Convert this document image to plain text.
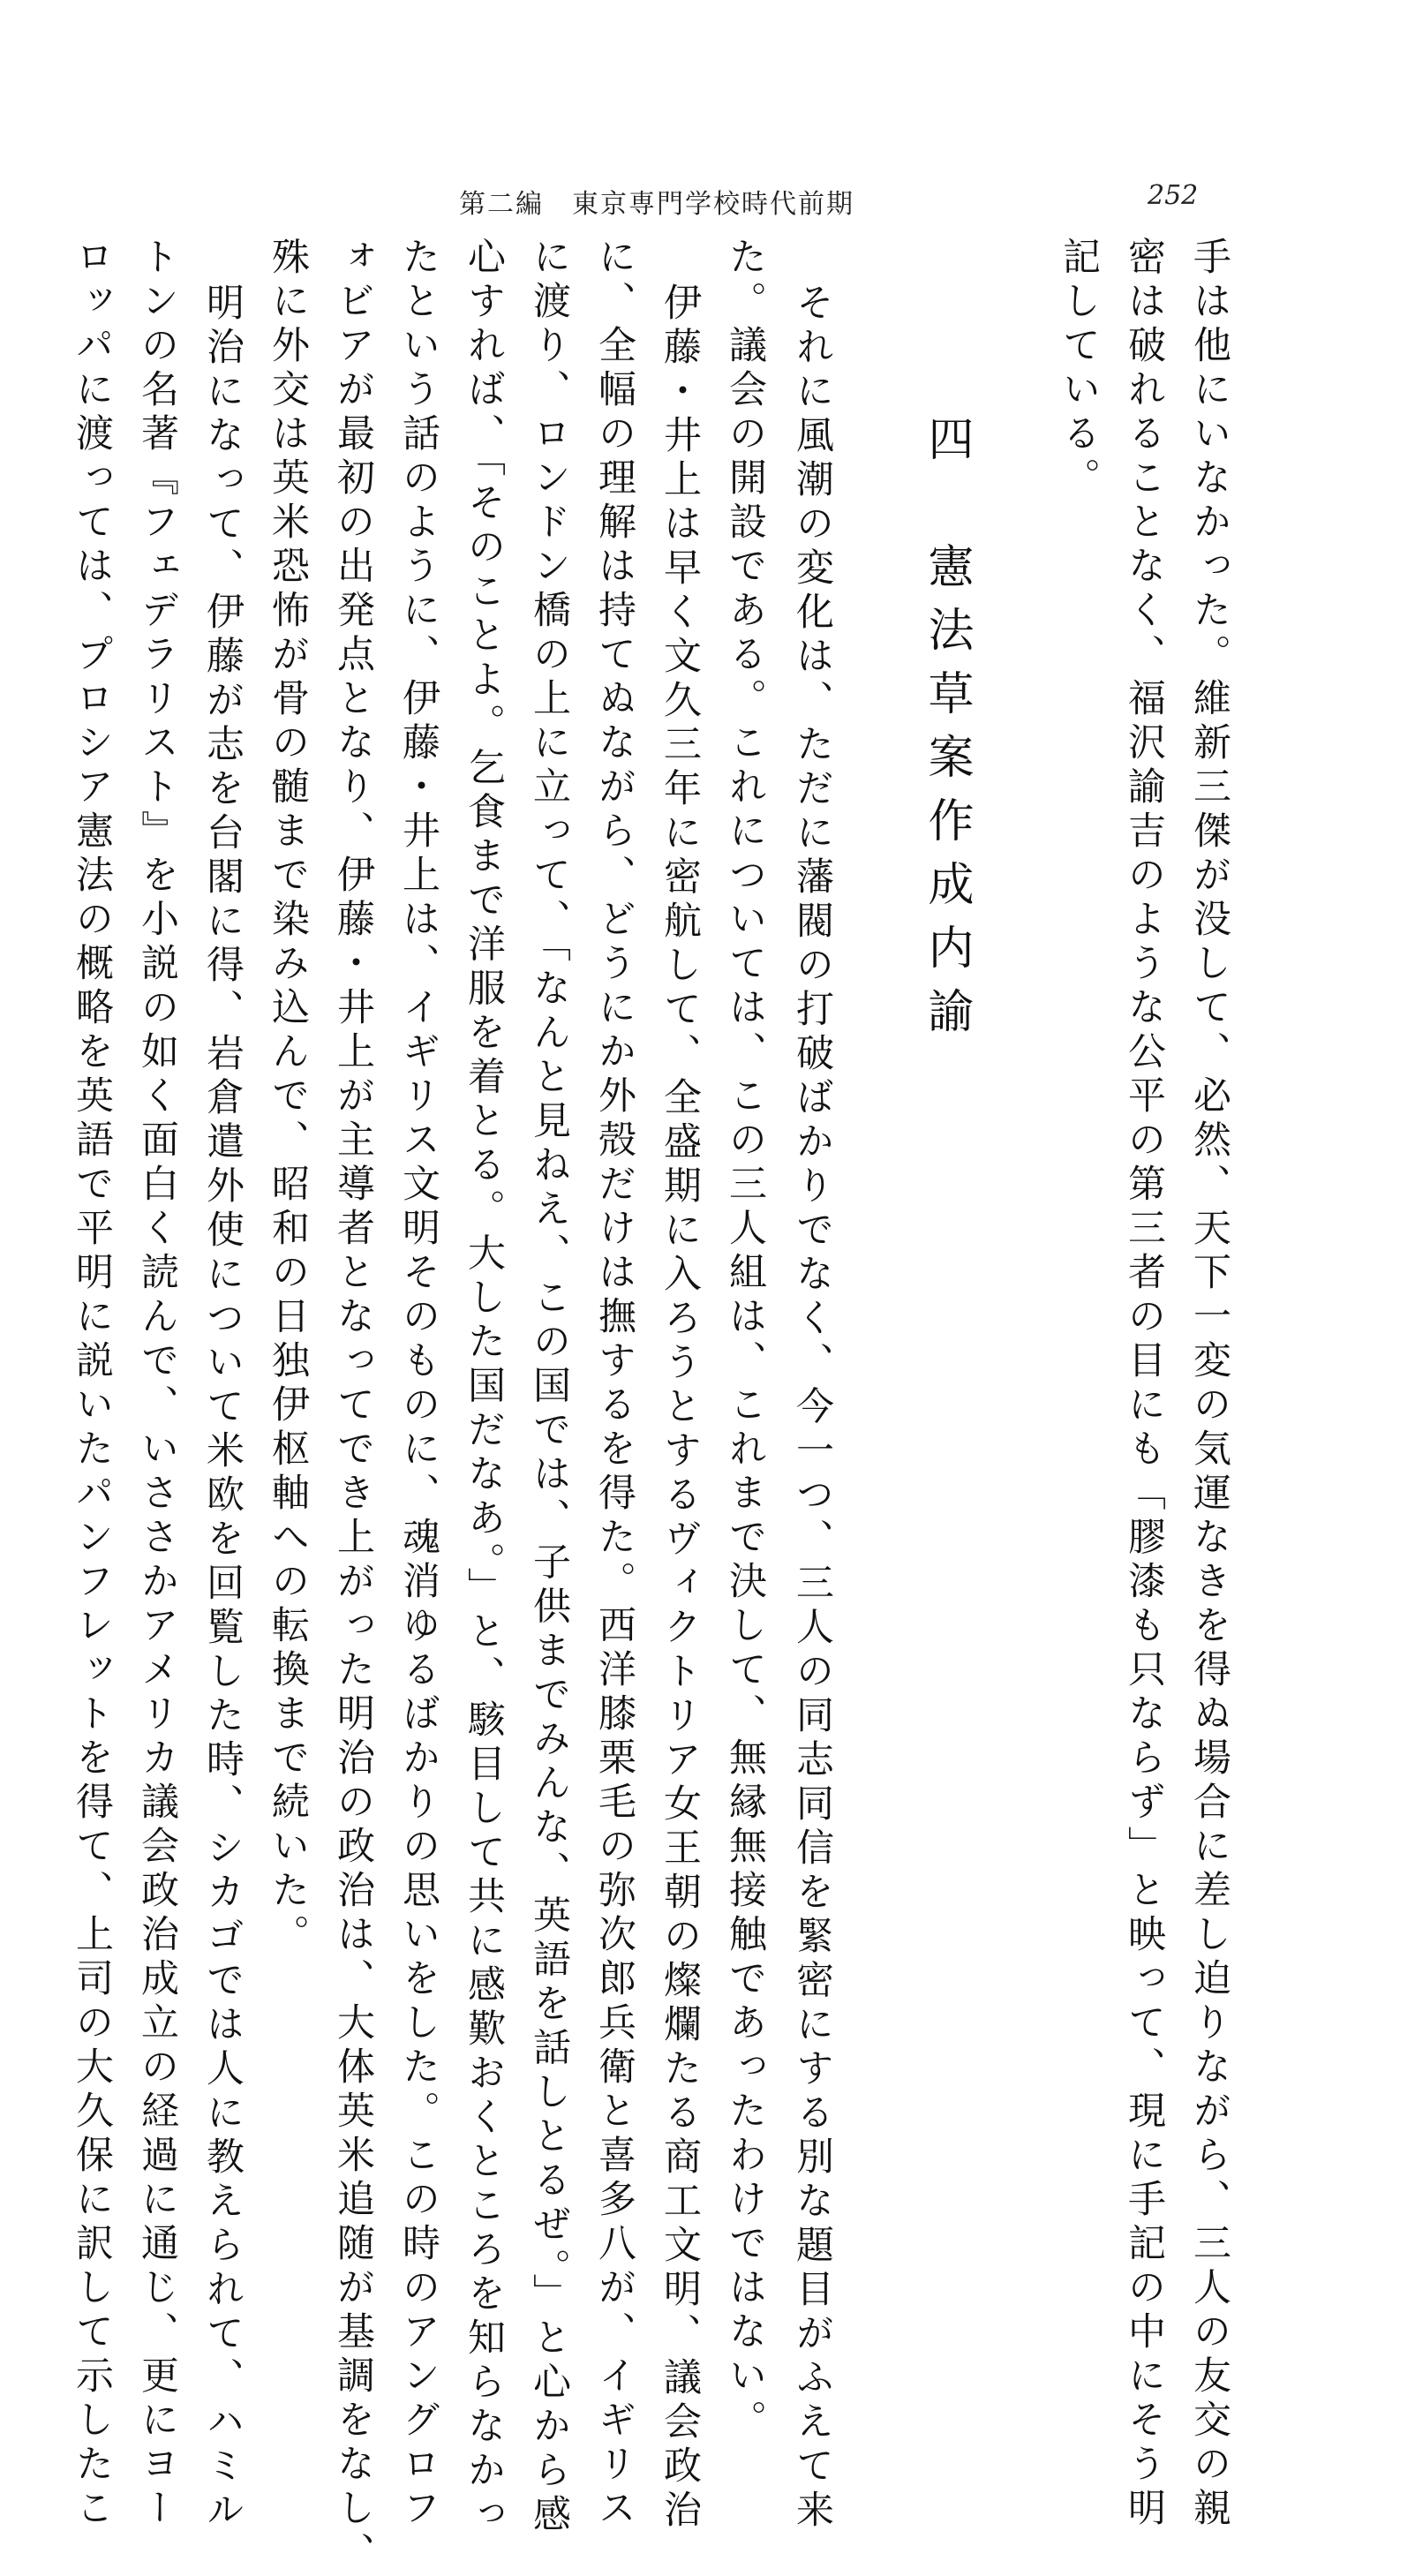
第二編　東京専門学校時代前期	252
手は他にいなかった。維新三傑が没して、必然、天下一変の気運なきを得ぬ場合に差し迫りながら、三人の友交の親
密は破れることなく、福沢諭吉のような公平の第三者の目にも「膠漆も只ならず」と映って、現に手記の中にそう明
記している。
四　憲法草案作成内諭
それに風潮の変化は、ただに藩閥の打破ばかりでなく、今一つ、三人の同志同信を緊密にする別な題目がふえて来
た。議会の開設である。これについては、この三人組は、これまで決して、無縁無接触であったわけではない。
伊藤・井上は早く文久三年に密航して、全盛期に入ろうとするヴィクトリア女王朝の燦爛たる商工文明、議会政治
に、全幅の理解は持てぬながら、どうにか外殻だけは撫するを得た。西洋膝栗毛の弥次郎兵衛と喜多八が、イギリス
に渡り、ロンドン橋の上に立って、「なんと見ねえ、この国では、子供までみんな、英語を話しとるぜ。」と心から感
心すれば、「そのことよ。乞食まで洋服を着とる。大した国だなあ。」と、駭目して共に感歎おくところを知らなかっ
たという話のように、伊藤・井上は、イギリス文明そのものに、魂消ゆるばかりの思いをした。この時のアングロフ
ォビアが最初の出発点となり、伊藤・井上が主導者となってでき上がった明治の政治は、大体英米追随が基調をなし、
殊に外交は英米恐怖が骨の髄まで染み込んで、昭和の日独伊枢軸への転換まで続いた。
明治になって、伊藤が志を台閣に得、岩倉遣外使について米欧を回覧した時、シカゴでは人に教えられて、ハミル
トンの名著『フェデラリスト』を小説の如く面白く読んで、いささかアメリカ議会政治成立の経過に通じ、更にヨー
ロッパに渡っては、プロシア憲法の概略を英語で平明に説いたパンフレットを得て、上司の大久保に訳して示したこ
